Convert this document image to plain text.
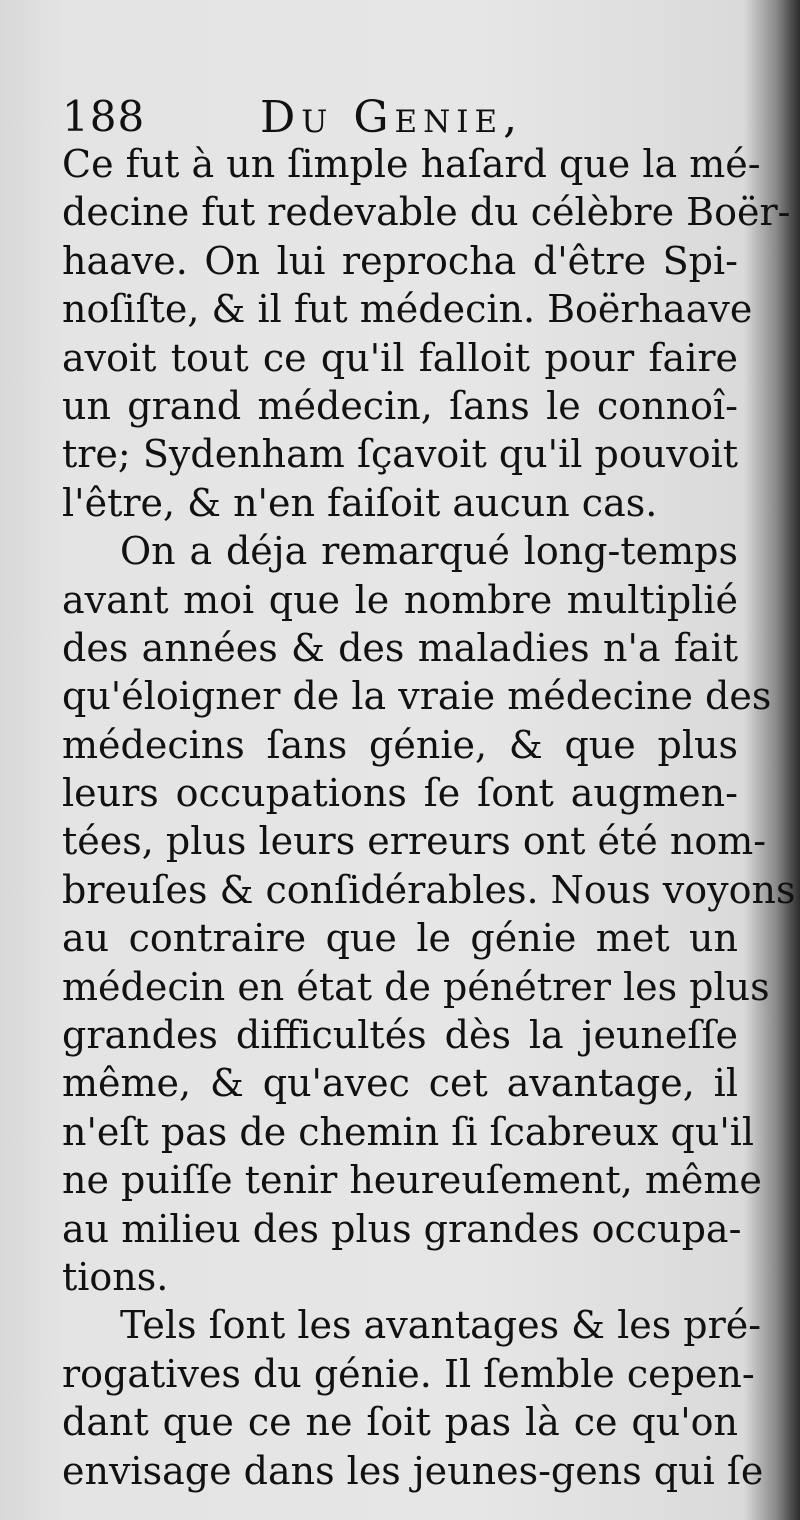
188	Du Genie,
Ce fut à un ſimple haſard que la mé-
decine fut redevable du célèbre Boër-
haave. On lui reprocha d'être Spi-
noſiſte, & il fut médecin. Boërhaave
avoit tout ce qu'il falloit pour faire
un grand médecin, ſans le connoî-
tre; Sydenham ſçavoit qu'il pouvoit
l'être, & n'en faiſoit aucun cas.
On a déja remarqué long-temps
avant moi que le nombre multiplié
des années & des maladies n'a fait
qu'éloigner de la vraie médecine des
médecins ſans génie, & que plus
leurs occupations ſe ſont augmen-
tées, plus leurs erreurs ont été nom-
breuſes & conſidérables. Nous voyons
au contraire que le génie met un
médecin en état de pénétrer les plus
grandes difficultés dès la jeuneſſe
même, & qu'avec cet avantage, il
n'eſt pas de chemin ſi ſcabreux qu'il
ne puiſſe tenir heureuſement, même
au milieu des plus grandes occupa-
tions.
Tels ſont les avantages & les pré-
rogatives du génie. Il ſemble cepen-
dant que ce ne ſoit pas là ce qu'on
envisage dans les jeunes-gens qui ſe
